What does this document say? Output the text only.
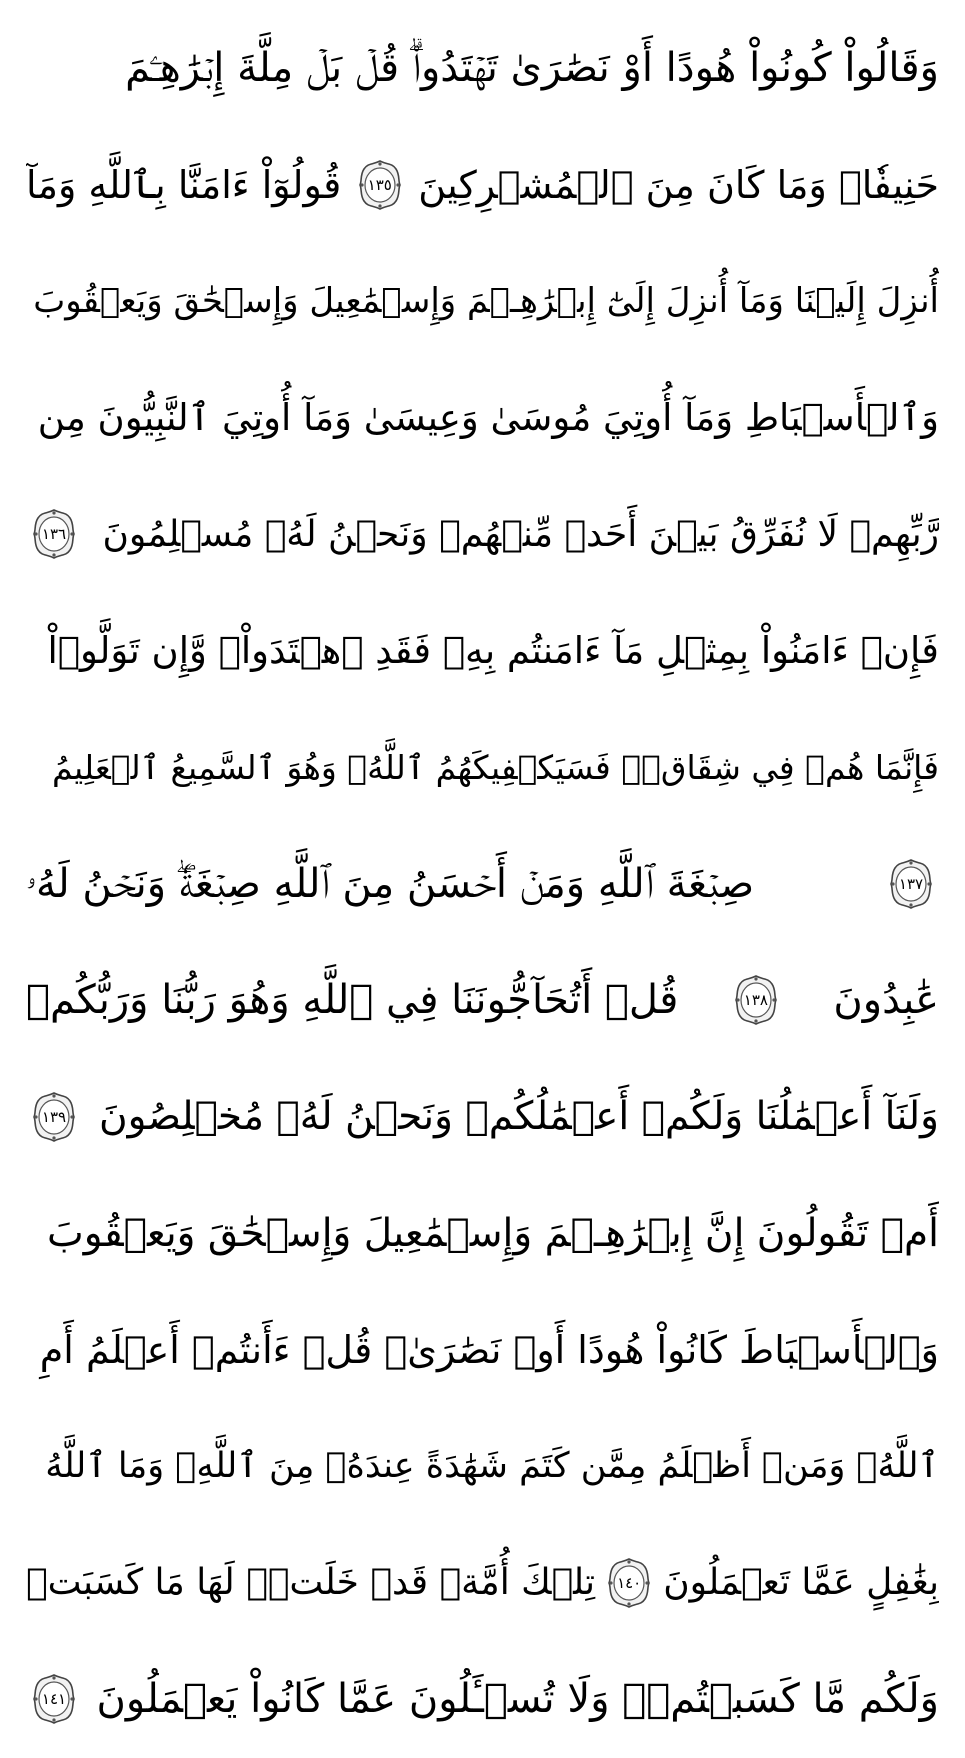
وَقَالُواْ كُونُواْ هُودًا أَوْ نَصَٰرَىٰ تَهۡتَدُواْۗ قُلۡ بَلۡ مِلَّةَ إِبۡرَٰهِـۧمَ
حَنِيفٗاۖ وَمَا كَانَ مِنَ ٱلۡمُشۡرِكِينَ
١٣٥
قُولُوٓاْ ءَامَنَّا بِٱللَّهِ وَمَآ
أُنزِلَ إِلَيۡنَا وَمَآ أُنزِلَ إِلَىٰٓ إِبۡرَٰهِـۧمَ وَإِسۡمَٰعِيلَ وَإِسۡحَٰقَ وَيَعۡقُوبَ
وَٱلۡأَسۡبَاطِ وَمَآ أُوتِيَ مُوسَىٰ وَعِيسَىٰ وَمَآ أُوتِيَ ٱلنَّبِيُّونَ مِن
رَّبِّهِمۡ لَا نُفَرِّقُ بَيۡنَ أَحَدٖ مِّنۡهُمۡ وَنَحۡنُ لَهُۥ مُسۡلِمُونَ
١٣٦
فَإِنۡ ءَامَنُواْ بِمِثۡلِ مَآ ءَامَنتُم بِهِۦ فَقَدِ ٱهۡتَدَواْۖ وَّإِن تَوَلَّوۡاْ
فَإِنَّمَا هُمۡ فِي شِقَاقٖۖ فَسَيَكۡفِيكَهُمُ ٱللَّهُۚ وَهُوَ ٱلسَّمِيعُ ٱلۡعَلِيمُ
١٣٧
صِبۡغَةَ ٱللَّهِ وَمَنۡ أَحۡسَنُ مِنَ ٱللَّهِ صِبۡغَةٗۖ وَنَحۡنُ لَهُۥ
عَٰبِدُونَ
١٣٨
قُلۡ أَتُحَآجُّونَنَا فِي ٱللَّهِ وَهُوَ رَبُّنَا وَرَبُّكُمۡ
وَلَنَآ أَعۡمَٰلُنَا وَلَكُمۡ أَعۡمَٰلُكُمۡ وَنَحۡنُ لَهُۥ مُخۡلِصُونَ
١٣٩
أَمۡ تَقُولُونَ إِنَّ إِبۡرَٰهِـۧمَ وَإِسۡمَٰعِيلَ وَإِسۡحَٰقَ وَيَعۡقُوبَ
وَٱلۡأَسۡبَاطَ كَانُواْ هُودًا أَوۡ نَصَٰرَىٰۗ قُلۡ ءَأَنتُمۡ أَعۡلَمُ أَمِ
ٱللَّهُۗ وَمَنۡ أَظۡلَمُ مِمَّن كَتَمَ شَهَٰدَةً عِندَهُۥ مِنَ ٱللَّهِۗ وَمَا ٱللَّهُ
بِغَٰفِلٍ عَمَّا تَعۡمَلُونَ
١٤٠
تِلۡكَ أُمَّةٞ قَدۡ خَلَتۡۖ لَهَا مَا كَسَبَتۡ
وَلَكُم مَّا كَسَبۡتُمۡۖ وَلَا تُسۡـَٔلُونَ عَمَّا كَانُواْ يَعۡمَلُونَ
١٤١
